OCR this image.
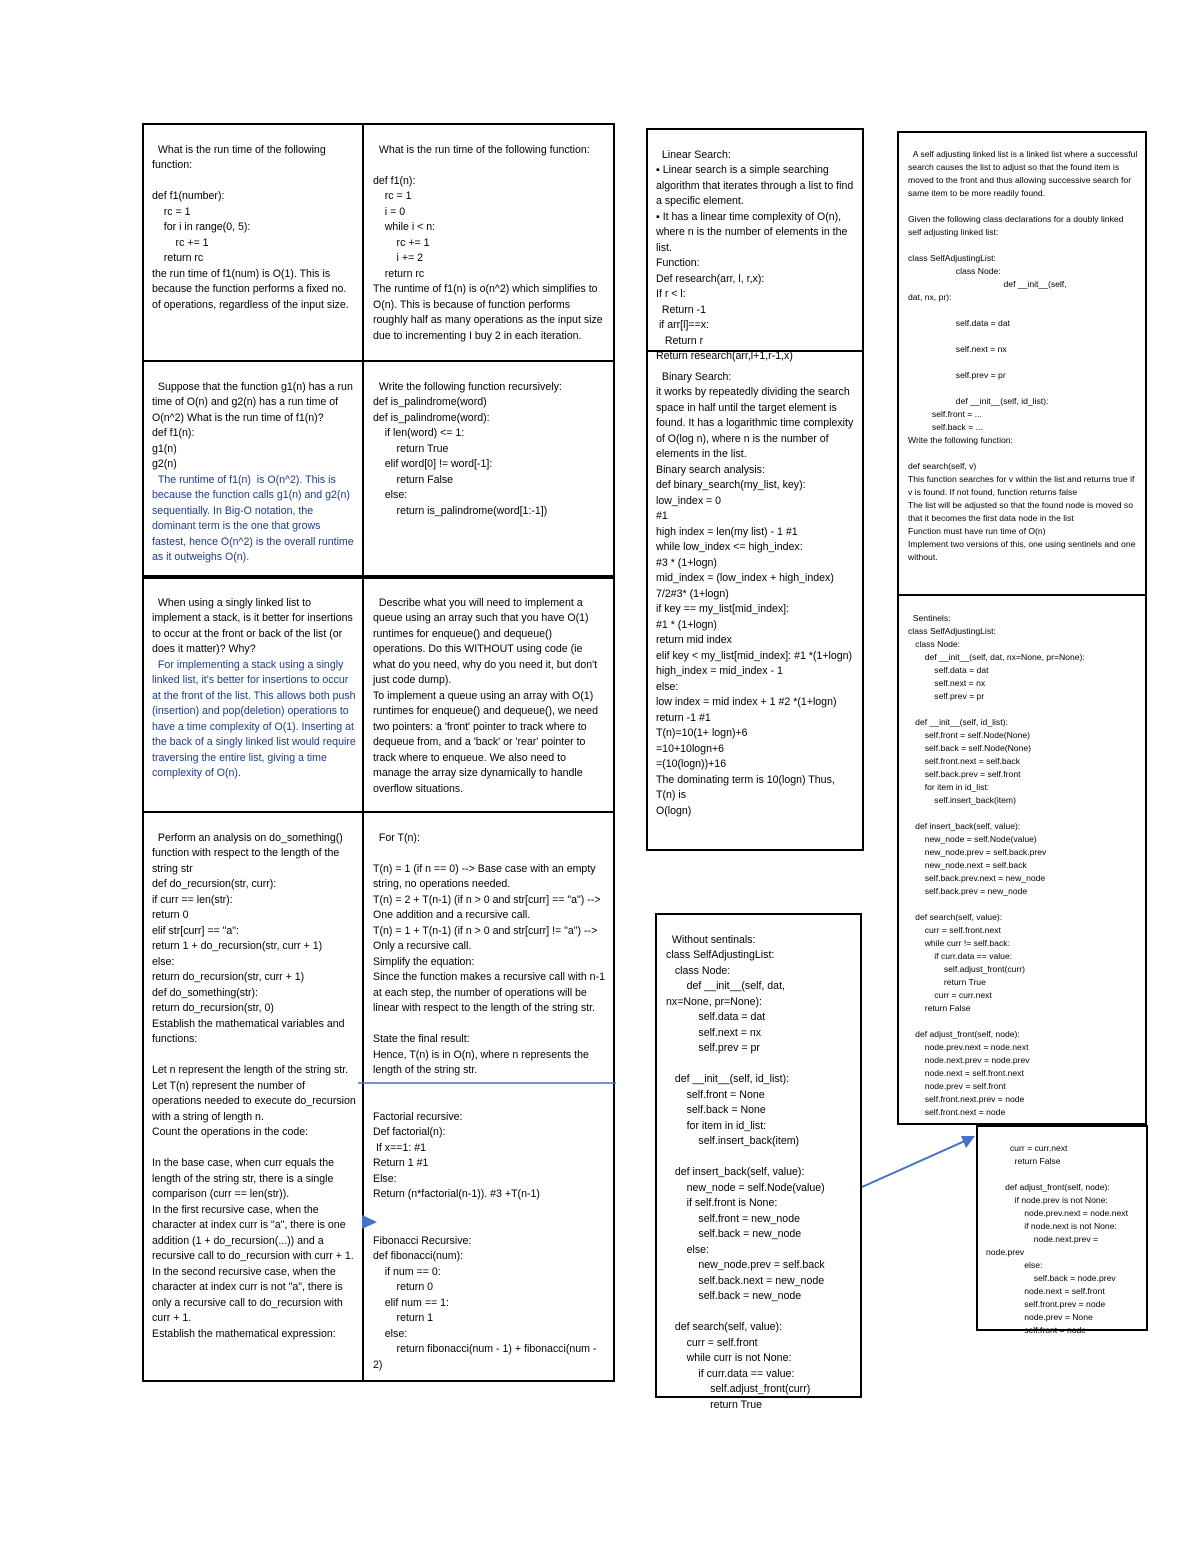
What is the run time of the following function:

def f1(number):
rc = 1
for i in range(0, 5):
rc += 1
return rc
the run time of f1(num) is O(1). This is because the function performs a fixed no. of operations, regardless of the input size.

What is the run time of the following function:

def f1(n):
rc = 1
i = 0
while i < n:
rc += 1
i += 2
return rc
The runtime of f1(n) is o(n^2) which simplifies to O(n). This is because of function performs roughly half as many operations as the input size due to incrementing I buy 2 in each iteration.

Suppose that the function g1(n) has a run time of O(n) and g2(n) has a run time of O(n^2) What is the run time of f1(n)?
def f1(n):
g1(n)
g2(n)
The runtime of f1(n)  is O(n^2). This is because the function calls g1(n) and g2(n)  sequentially. In Big-O notation, the dominant term is the one that grows fastest, hence O(n^2) is the overall runtime as it outweighs O(n).

Write the following function recursively:
def is_palindrome(word)
def is_palindrome(word):
if len(word) <= 1:
return True
elif word[0] != word[-1]:
return False
else:
return is_palindrome(word[1:-1])

When using a singly linked list to implement a stack, is it better for insertions to occur at the front or back of the list (or does it matter)? Why?
For implementing a stack using a singly linked list, it's better for insertions to occur at the front of the list. This allows both push (insertion) and pop(deletion) operations to have a time complexity of O(1). Inserting at the back of a singly linked list would require traversing the entire list, giving a time complexity of O(n).

Describe what you will need to implement a queue using an array such that you have O(1) runtimes for enqueue() and dequeue() operations. Do this WITHOUT using code (ie what do you need, why do you need it, but don't just code dump).
To implement a queue using an array with O(1) runtimes for enqueue() and dequeue(), we need two pointers: a 'front' pointer to track where to dequeue from, and a 'back' or 'rear' pointer to track where to enqueue. We also need to manage the array size dynamically to handle overflow situations.

Perform an analysis on do_something() function with respect to the length of the string str
def do_recursion(str, curr):
if curr == len(str):
return 0
elif str[curr] == "a":
return 1 + do_recursion(str, curr + 1)
else:
return do_recursion(str, curr + 1)
def do_something(str):
return do_recursion(str, 0)
Establish the mathematical variables and functions:

Let n represent the length of the string str.
Let T(n) represent the number of operations needed to execute do_recursion with a string of length n.
Count the operations in the code:

In the base case, when curr equals the length of the string str, there is a single comparison (curr == len(str)).
In the first recursive case, when the character at index curr is "a", there is one addition (1 + do_recursion(...)) and a recursive call to do_recursion with curr + 1.
In the second recursive case, when the character at index curr is not "a", there is only a recursive call to do_recursion with curr + 1.
Establish the mathematical expression:

For T(n):

T(n) = 1 (if n == 0) --> Base case with an empty string, no operations needed.
T(n) = 2 + T(n-1) (if n > 0 and str[curr] == "a") --> One addition and a recursive call.
T(n) = 1 + T(n-1) (if n > 0 and str[curr] != "a") --> Only a recursive call.
Simplify the equation:
Since the function makes a recursive call with n-1 at each step, the number of operations will be linear with respect to the length of the string str.

State the final result:
Hence, T(n) is in O(n), where n represents the length of the string str.

Factorial recursive:
Def factorial(n):
If x==1: #1
Return 1 #1
Else:
Return (n*factorial(n-1)). #3 +T(n-1)

Fibonacci Recursive:
def fibonacci(num):
if num == 0:
return 0
elif num == 1:
return 1
else:
return fibonacci(num - 1) + fibonacci(num - 2)

Linear Search:
▪ Linear search is a simple searching algorithm that iterates through a list to find a specific element.
▪ It has a linear time complexity of O(n), where n is the number of elements in the list.
Function:
Def research(arr, l, r,x):
If r < l:
Return -1
if arr[l]==x:
Return r
Return research(arr,l+1,r-1,x)

Binary Search:
it works by repeatedly dividing the search space in half until the target element is found. It has a logarithmic time complexity of O(log n), where n is the number of elements in the list.
Binary search analysis:
def binary_search(my_list, key):
low_index = 0
#1
high index = len(my list) - 1 #1
while low_index <= high_index:
#3 * (1+logn)
mid_index = (low_index + high_index)
7/2#3* (1+logn)
if key == my_list[mid_index]:
#1 * (1+logn)
return mid index
elif key < my_list[mid_index]: #1 *(1+logn)
high_index = mid_index - 1
else:
low index = mid index + 1 #2 *(1+logn)
return -1 #1
T(n)=10(1+ logn)+6
=10+10logn+6
=(10(logn))+16
The dominating term is 10(logn) Thus, T(n) is
O(logn)

Without sentinals:
class SelfAdjustingList:
class Node:
def __init__(self, dat,
nx=None, pr=None):
self.data = dat
self.next = nx
self.prev = pr

def __init__(self, id_list):
self.front = None
self.back = None
for item in id_list:
self.insert_back(item)

def insert_back(self, value):
new_node = self.Node(value)
if self.front is None:
self.front = new_node
self.back = new_node
else:
new_node.prev = self.back
self.back.next = new_node
self.back = new_node

def search(self, value):
curr = self.front
while curr is not None:
if curr.data == value:
self.adjust_front(curr)
return True

A self adjusting linked list is a linked list where a successful search causes the list to adjust so that the found item is moved to the front and thus allowing successive search for same item to be more readily found.

Given the following class declarations for a doubly linked self adjusting linked list:

class SelfAdjustingList:
class Node:
def __init__(self,
dat, nx, pr):

self.data = dat

self.next = nx

self.prev = pr

def __init__(self, id_list):
self.front = ...
self.back = ...
Write the following function:

def search(self, v)
This function searches for v within the list and returns true if v is found. If not found, function returns false
The list will be adjusted so that the found node is moved so that it becomes the first data node in the list
Function must have run time of O(n)
Implement two versions of this, one using sentinels and one without.

Sentinels:
class SelfAdjustingList:
class Node:
def __init__(self, dat, nx=None, pr=None):
self.data = dat
self.next = nx
self.prev = pr

def __init__(self, id_list):
self.front = self.Node(None)
self.back = self.Node(None)
self.front.next = self.back
self.back.prev = self.front
for item in id_list:
self.insert_back(item)

def insert_back(self, value):
new_node = self.Node(value)
new_node.prev = self.back.prev
new_node.next = self.back
self.back.prev.next = new_node
self.back.prev = new_node

def search(self, value):
curr = self.front.next
while curr != self.back:
if curr.data == value:
self.adjust_front(curr)
return True
curr = curr.next
return False

def adjust_front(self, node):
node.prev.next = node.next
node.next.prev = node.prev
node.next = self.front.next
node.prev = self.front
self.front.next.prev = node
self.front.next = node

curr = curr.next
return False

def adjust_front(self, node):
if node.prev is not None:
node.prev.next = node.next
if node.next is not None:
node.next.prev =
node.prev
else:
self.back = node.prev
node.next = self.front
self.front.prev = node
node.prev = None
self.front = node
